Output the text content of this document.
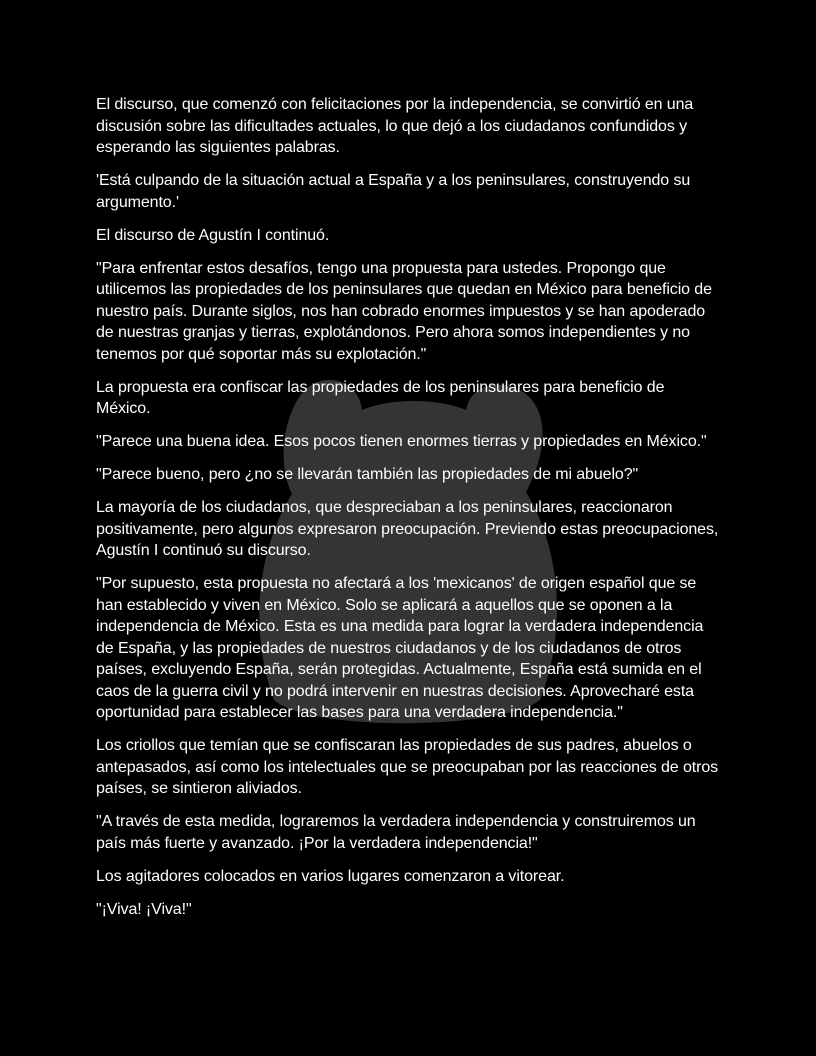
El discurso, que comenzó con felicitaciones por la independencia, se convirtió en una discusión sobre las dificultades actuales, lo que dejó a los ciudadanos confundidos y esperando las siguientes palabras.

'Está culpando de la situación actual a España y a los peninsulares, construyendo su argumento.'

El discurso de Agustín I continuó.

"Para enfrentar estos desafíos, tengo una propuesta para ustedes. Propongo que utilicemos las propiedades de los peninsulares que quedan en México para beneficio de nuestro país. Durante siglos, nos han cobrado enormes impuestos y se han apoderado de nuestras granjas y tierras, explotándonos. Pero ahora somos independientes y no tenemos por qué soportar más su explotación."

La propuesta era confiscar las propiedades de los peninsulares para beneficio de México.

"Parece una buena idea. Esos pocos tienen enormes tierras y propiedades en México."

"Parece bueno, pero ¿no se llevarán también las propiedades de mi abuelo?"

La mayoría de los ciudadanos, que despreciaban a los peninsulares, reaccionaron positivamente, pero algunos expresaron preocupación. Previendo estas preocupaciones, Agustín I continuó su discurso.

"Por supuesto, esta propuesta no afectará a los 'mexicanos' de origen español que se han establecido y viven en México. Solo se aplicará a aquellos que se oponen a la independencia de México. Esta es una medida para lograr la verdadera independencia de España, y las propiedades de nuestros ciudadanos y de los ciudadanos de otros países, excluyendo España, serán protegidas. Actualmente, España está sumida en el caos de la guerra civil y no podrá intervenir en nuestras decisiones. Aprovecharé esta oportunidad para establecer las bases para una verdadera independencia."

Los criollos que temían que se confiscaran las propiedades de sus padres, abuelos o antepasados, así como los intelectuales que se preocupaban por las reacciones de otros países, se sintieron aliviados.

"A través de esta medida, lograremos la verdadera independencia y construiremos un país más fuerte y avanzado. ¡Por la verdadera independencia!"

Los agitadores colocados en varios lugares comenzaron a vitorear.

"¡Viva! ¡Viva!"
